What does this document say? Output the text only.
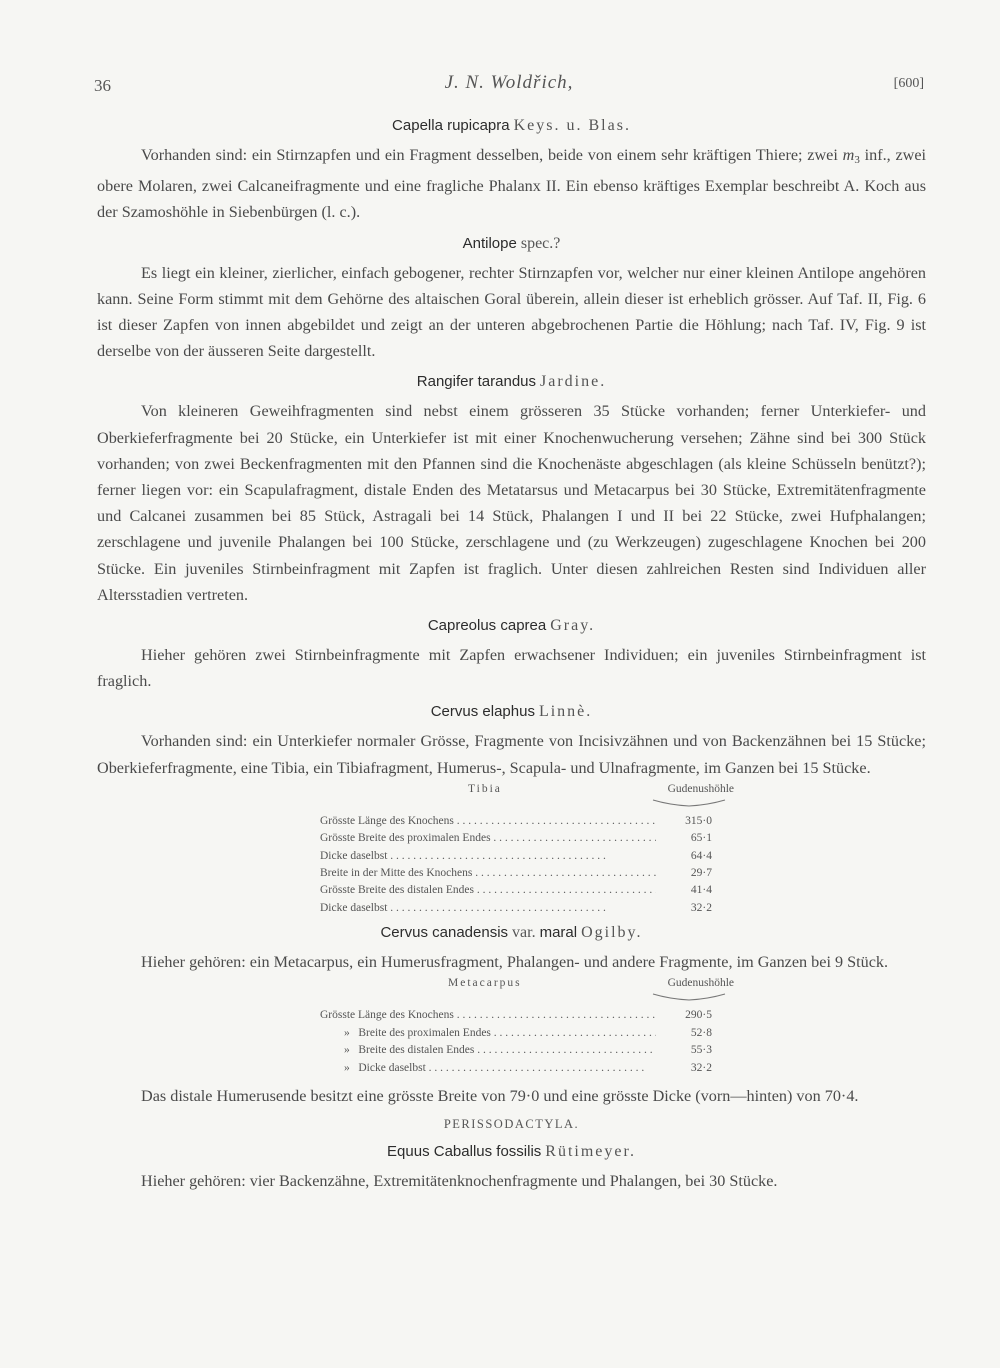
36	J. N. Woldřich,	[600]
Capella rupicapra Keys. u. Blas.

Vorhanden sind: ein Stirnzapfen und ein Fragment desselben, beide von einem sehr kräftigen Thiere; zwei $m_3$ inf., zwei obere Molaren, zwei Calcaneifragmente und eine fragliche Phalanx II. Ein ebenso kräftiges Exemplar beschreibt A. Koch aus der Szamoshöhle in Siebenbürgen (l. c.).

Antilope spec.?

Es liegt ein kleiner, zierlicher, einfach gebogener, rechter Stirnzapfen vor, welcher nur einer kleinen Antilope angehören kann. Seine Form stimmt mit dem Gehörne des altaischen Goral überein, allein dieser ist erheblich grösser. Auf Taf. II, Fig. 6 ist dieser Zapfen von innen abgebildet und zeigt an der unteren abgebrochenen Partie die Höhlung; nach Taf. IV, Fig. 9 ist derselbe von der äusseren Seite dargestellt.

Rangifer tarandus Jardine.

Von kleineren Geweihfragmenten sind nebst einem grösseren 35 Stücke vorhanden; ferner Unterkiefer- und Oberkieferfragmente bei 20 Stücke, ein Unterkiefer ist mit einer Knochenwucherung versehen; Zähne sind bei 300 Stück vorhanden; von zwei Beckenfragmenten mit den Pfannen sind die Knochenäste abgeschlagen (als kleine Schüsseln benützt?); ferner liegen vor: ein Scapulafragment, distale Enden des Metatarsus und Metacarpus bei 30 Stücke, Extremitätenfragmente und Calcanei zusammen bei 85 Stück, Astragali bei 14 Stück, Phalangen I und II bei 22 Stücke, zwei Hufphalangen; zerschlagene und juvenile Phalangen bei 100 Stücke, zerschlagene und (zu Werkzeugen) zugeschlagene Knochen bei 200 Stücke. Ein juveniles Stirnbeinfragment mit Zapfen ist fraglich. Unter diesen zahlreichen Resten sind Individuen aller Altersstadien vertreten.

Capreolus caprea Gray.

Hieher gehören zwei Stirnbeinfragmente mit Zapfen erwachsener Individuen; ein juveniles Stirnbeinfragment ist fraglich.

Cervus elaphus Linnè.

Vorhanden sind: ein Unterkiefer normaler Grösse, Fragmente von Incisivzähnen und von Backenzähnen bei 15 Stücke; Oberkieferfragmente, eine Tibia, ein Tibiafragment, Humerus-, Scapula- und Ulnafragmente, im Ganzen bei 15 Stücke.

Tibia	Gudenushöhle
Grösste Länge des Knochens . . .	315·0
Grösste Breite des proximalen Endes . . .	65·1
Dicke daselbst . . .	64·4
Breite in der Mitte des Knochens . . .	29·7
Grösste Breite des distalen Endes . . .	41·4
Dicke daselbst . . .	32·2
Cervus canadensis var. maral Ogilby.

Hieher gehören: ein Metacarpus, ein Humerusfragment, Phalangen- und andere Fragmente, im Ganzen bei 9 Stück.

Metacarpus	Gudenushöhle
Grösste Länge des Knochens . . .	290·5
» Breite des proximalen Endes . . .	52·8
» Breite des distalen Endes . . .	55·3
» Dicke daselbst . . .	32·2

Das distale Humerusende besitzt eine grösste Breite von 79·0 und eine grösste Dicke (vorn—hinten) von 70·4.

PERISSODACTYLA.
Equus Caballus fossilis Rütimeyer.

Hieher gehören: vier Backenzähne, Extremitätenknochenfragmente und Phalangen, bei 30 Stücke.
